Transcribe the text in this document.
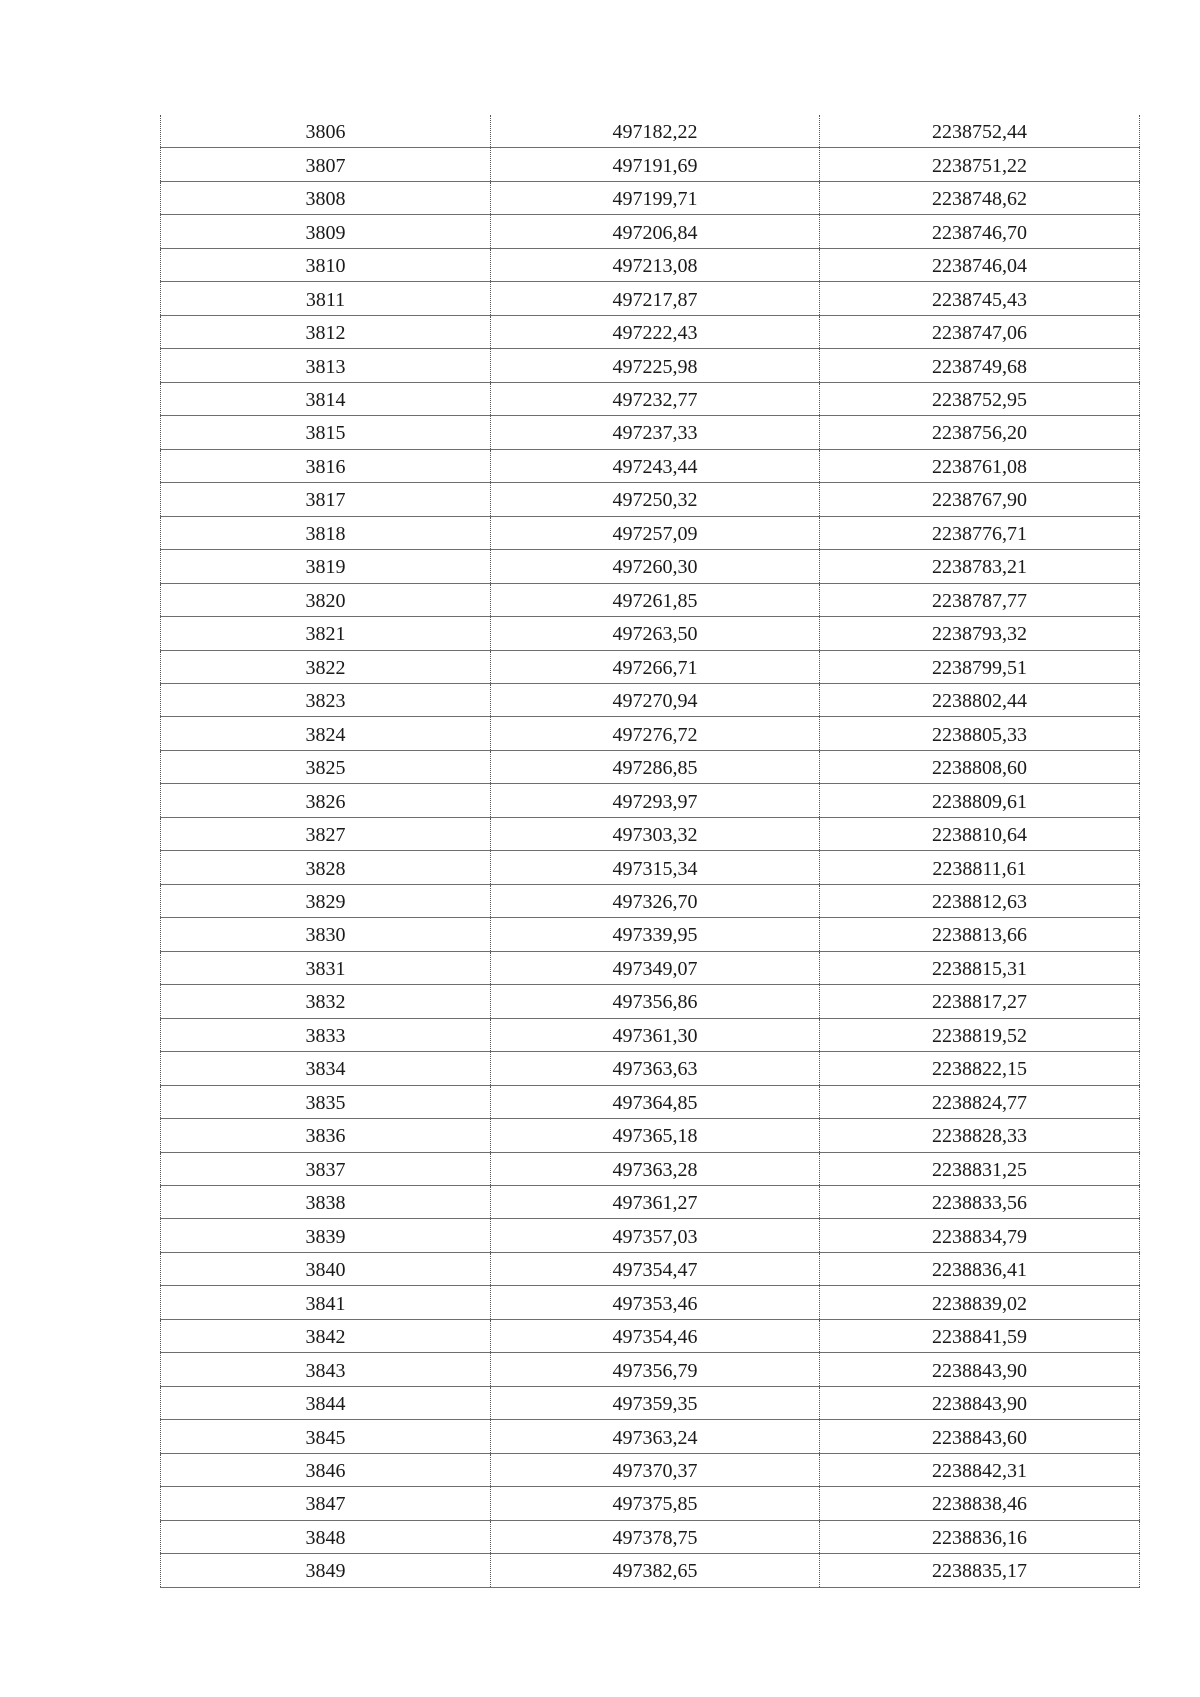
3806	497182,22	2238752,44
3807	497191,69	2238751,22
3808	497199,71	2238748,62
3809	497206,84	2238746,70
3810	497213,08	2238746,04
3811	497217,87	2238745,43
3812	497222,43	2238747,06
3813	497225,98	2238749,68
3814	497232,77	2238752,95
3815	497237,33	2238756,20
3816	497243,44	2238761,08
3817	497250,32	2238767,90
3818	497257,09	2238776,71
3819	497260,30	2238783,21
3820	497261,85	2238787,77
3821	497263,50	2238793,32
3822	497266,71	2238799,51
3823	497270,94	2238802,44
3824	497276,72	2238805,33
3825	497286,85	2238808,60
3826	497293,97	2238809,61
3827	497303,32	2238810,64
3828	497315,34	2238811,61
3829	497326,70	2238812,63
3830	497339,95	2238813,66
3831	497349,07	2238815,31
3832	497356,86	2238817,27
3833	497361,30	2238819,52
3834	497363,63	2238822,15
3835	497364,85	2238824,77
3836	497365,18	2238828,33
3837	497363,28	2238831,25
3838	497361,27	2238833,56
3839	497357,03	2238834,79
3840	497354,47	2238836,41
3841	497353,46	2238839,02
3842	497354,46	2238841,59
3843	497356,79	2238843,90
3844	497359,35	2238843,90
3845	497363,24	2238843,60
3846	497370,37	2238842,31
3847	497375,85	2238838,46
3848	497378,75	2238836,16
3849	497382,65	2238835,17
